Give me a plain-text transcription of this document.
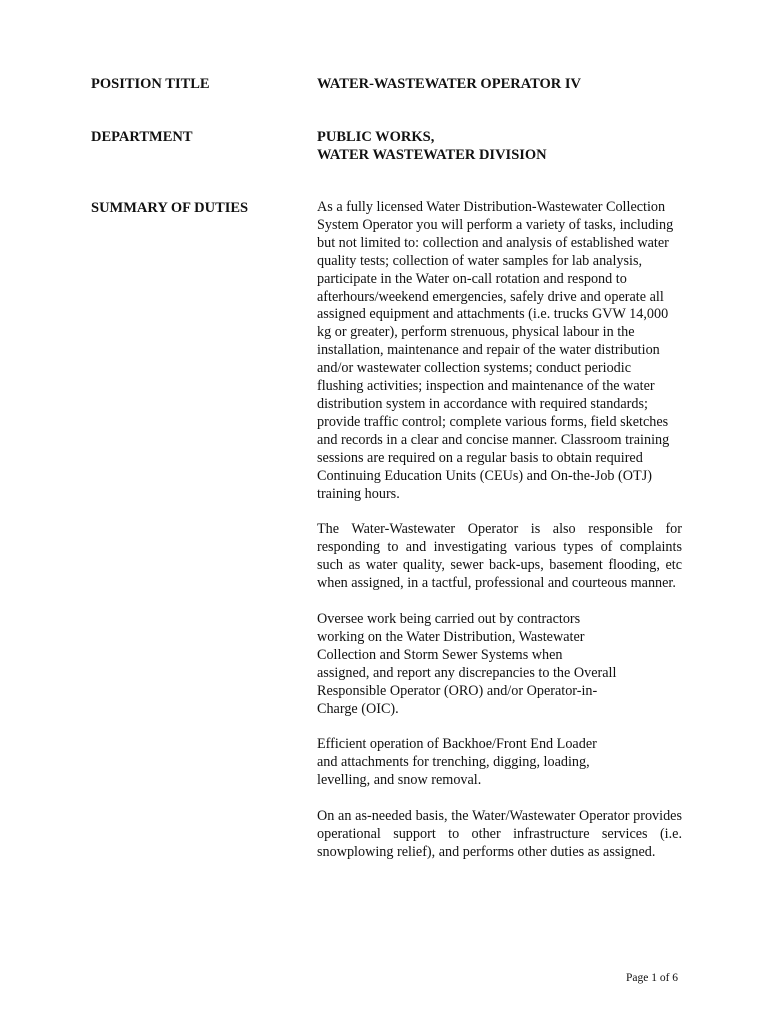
POSITION TITLE	WATER-WASTEWATER OPERATOR IV
DEPARTMENT	PUBLIC WORKS,
WATER WASTEWATER DIVISION
SUMMARY OF DUTIES	As a fully licensed Water Distribution-Wastewater Collection System Operator you will perform a variety of tasks, including but not limited to: collection and analysis of established water quality tests; collection of water samples for lab analysis, participate in the Water on-call rotation and respond to afterhours/weekend emergencies, safely drive and operate all assigned equipment and attachments (i.e. trucks GVW 14,000 kg or greater), perform strenuous, physical labour in the installation, maintenance and repair of the water distribution and/or wastewater collection systems; conduct periodic flushing activities; inspection and maintenance of the water distribution system in accordance with required standards; provide traffic control; complete various forms, field sketches and records in a clear and concise manner. Classroom training sessions are required on a regular basis to obtain required Continuing Education Units (CEUs) and On-the-Job (OTJ) training hours.

The Water-Wastewater Operator is also responsible for responding to and investigating various types of complaints such as water quality, sewer back-ups, basement flooding, etc when assigned, in a tactful, professional and courteous manner.

Oversee work being carried out by contractors working on the Water Distribution, Wastewater Collection and Storm Sewer Systems when assigned, and report any discrepancies to the Overall Responsible Operator (ORO) and/or Operator-in-Charge (OIC).

Efficient operation of Backhoe/Front End Loader and attachments for trenching, digging, loading, levelling, and snow removal.

On an as-needed basis, the Water/Wastewater Operator provides operational support to other infrastructure services (i.e. snowplowing relief), and performs other duties as assigned.

Page 1 of 6
